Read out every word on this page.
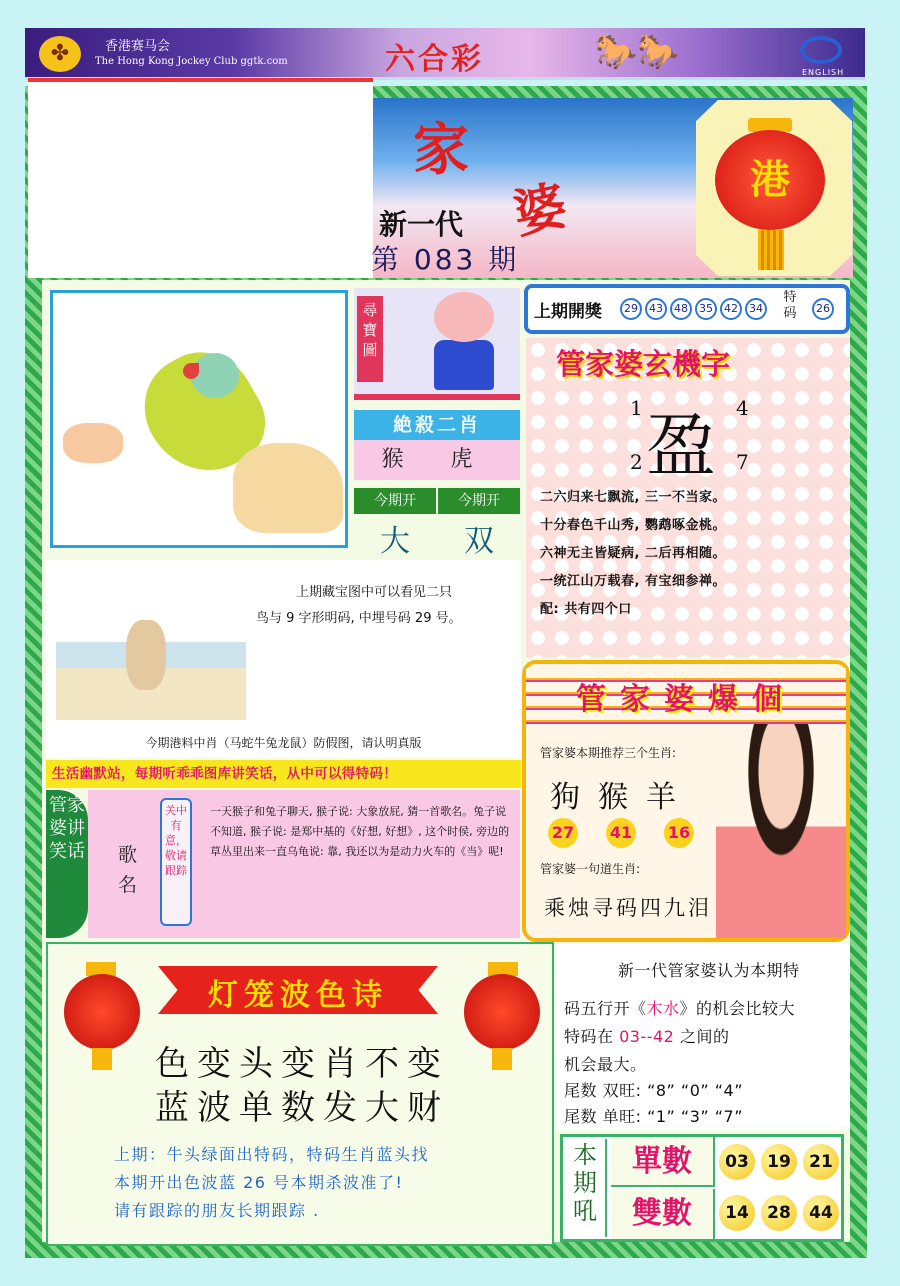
✤	香港赛马会
The Hong Kong Jockey Club ggtk.com	六合彩	🐎🐎
ENGLISH
家
婆
新一代
第 083 期
港
尋寶圖
絶殺二肖
猴 虎
今期开	今期开
大	双
上期開獎	29	43	48	35	42	34
特码	26
管家婆玄機字
1	4
盈
2	7
二六归来七飘流, 三一不当家。
十分春色千山秀, 鹦鹉啄金桃。
六神无主皆疑病, 二后再相随。
一统江山万载春, 有宝细参禅。
配: 共有四个口
上期藏宝图中可以看见二只
鸟与 9 字形明码, 中埋号码 29 号。
今期港料中肖（马蛇牛兔龙鼠）防假图，请认明真版
生活幽默站，每期听乖乖图库讲笑话，从中可以得特码！
管家婆讲笑话 歌名
关中有意，敬请跟踪
一天猴子和兔子聊天, 猴子说: 大象放屁, 猜一首歌名。兔子说不知道, 猴子说: 是郑中基的《好想, 好想》, 这个时侯, 旁边的草丛里出来一直乌龟说: 靠, 我还以为是动力火车的《当》呢!
管家婆爆個
管家婆本期推荐三个生肖:
狗猴羊
27 41 16
管家婆一句道生肖:
乘烛寻码四九泪
灯笼波色诗
色变头变肖不变
蓝波单数发大财
上期：牛头绿面出特码，特码生肖蓝头找
本期开出色波蓝 26 号本期杀波准了!
请有跟踪的朋友长期跟踪 .
新一代管家婆认为本期特
码五行开《木水》的机会比较大
特码在 03--42 之间的
机会最大。
尾数 双旺: “8” “0” “4”
尾数 单旺: “1” “3” “7”
本期吼
單數
雙數
03	19	21
14	28	44
